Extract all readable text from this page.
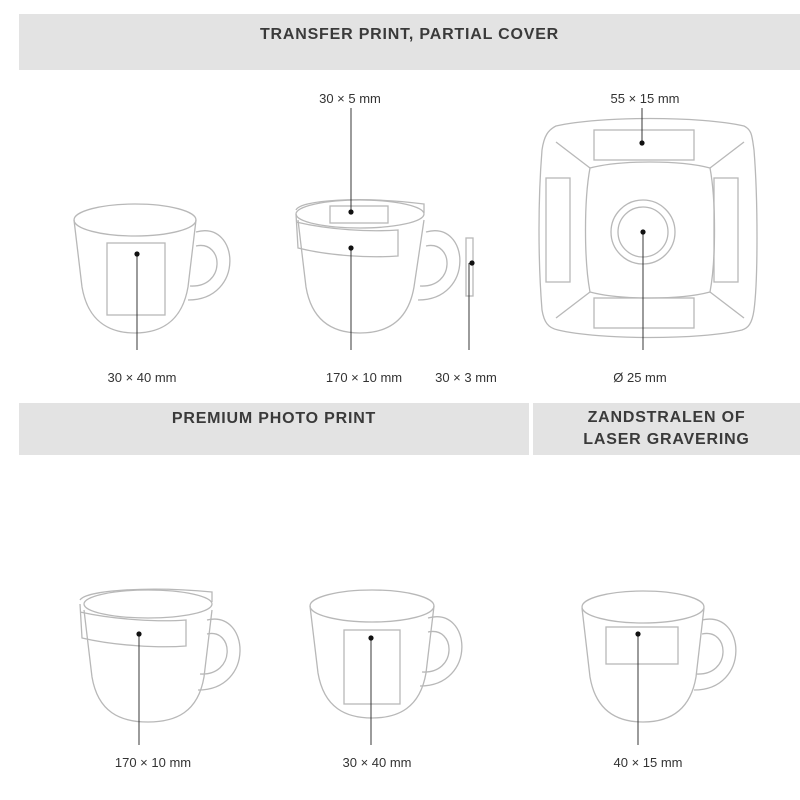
TRANSFER PRINT, PARTIAL COVER
PREMIUM PHOTO PRINT	ZANDSTRALEN OF
LASER GRAVERING
30 × 40 mm
30 × 5 mm
170 × 10 mm	30 × 3 mm
55 × 15 mm
Ø 25 mm
170 × 10 mm	30 × 40 mm	40 × 15 mm
